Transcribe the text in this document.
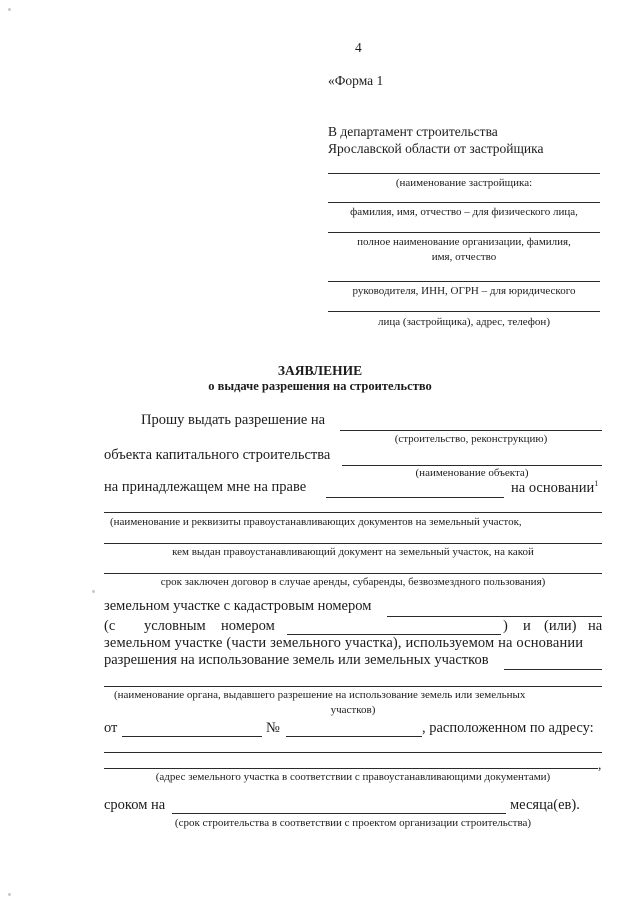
4
«Форма 1
В департамент строительства
Ярославской области от застройщика
(наименование застройщика:
фамилия, имя, отчество – для физического лица,
полное наименование организации, фамилия,
имя, отчество
руководителя, ИНН, ОГРН – для юридического
лица (застройщика), адрес, телефон)
ЗАЯВЛЕНИЕ
о выдаче разрешения на строительство
Прошу выдать разрешение на
(строительство, реконструкцию)
объекта капитального строительства
(наименование объекта)
на принадлежащем мне на праве	на основании$^1$
(наименование и реквизиты правоустанавливающих документов на земельный участок,
кем выдан правоустанавливающий документ на земельный участок, на какой
срок заключен договор в случае аренды, субаренды, безвозмездного пользования)
земельном участке с кадастровым номером
(с условным номером	) и (или) на
земельном участке (части земельного участка), используемом на основании
разрешения на использование земель или земельных участков
(наименование органа, выдавшего разрешение на использование земель или земельных
участков)
от	№	, расположенном по адресу:
,
(адрес земельного участка в соответствии с правоустанавливающими документами)
сроком на	месяца(ев).
(срок строительства в соответствии с проектом организации строительства)
